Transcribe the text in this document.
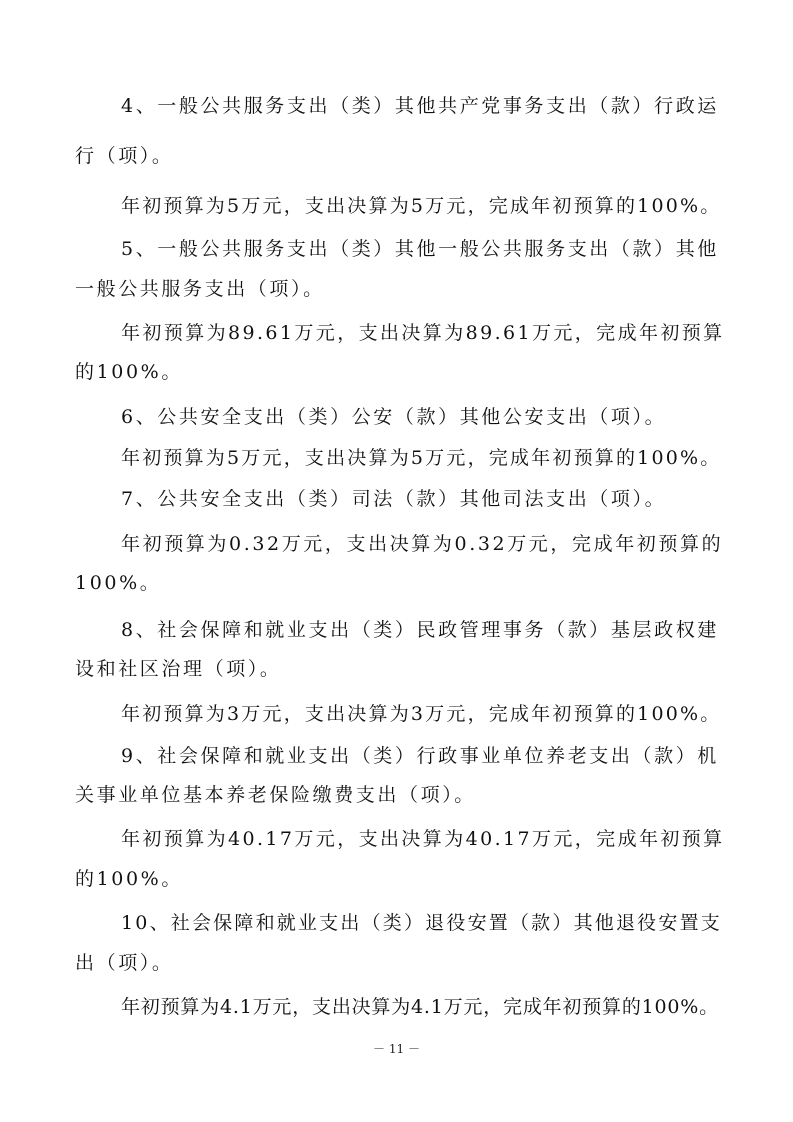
4、一般公共服务支出（类）其他共产党事务支出（款）行政运
行（项）。
年初预算为5万元，支出决算为5万元，完成年初预算的100%。
5、一般公共服务支出（类）其他一般公共服务支出（款）其他
一般公共服务支出（项）。
年初预算为89.61万元，支出决算为89.61万元，完成年初预算
的100%。
6、公共安全支出（类）公安（款）其他公安支出（项）。
年初预算为5万元，支出决算为5万元，完成年初预算的100%。
7、公共安全支出（类）司法（款）其他司法支出（项）。
年初预算为0.32万元，支出决算为0.32万元，完成年初预算的
100%。
8、社会保障和就业支出（类）民政管理事务（款）基层政权建
设和社区治理（项）。
年初预算为3万元，支出决算为3万元，完成年初预算的100%。
9、社会保障和就业支出（类）行政事业单位养老支出（款）机
关事业单位基本养老保险缴费支出（项）。
年初预算为40.17万元，支出决算为40.17万元，完成年初预算
的100%。
10、社会保障和就业支出（类）退役安置（款）其他退役安置支
出（项）。
年初预算为4.1万元，支出决算为4.1万元，完成年初预算的100%。
－ 11 －
